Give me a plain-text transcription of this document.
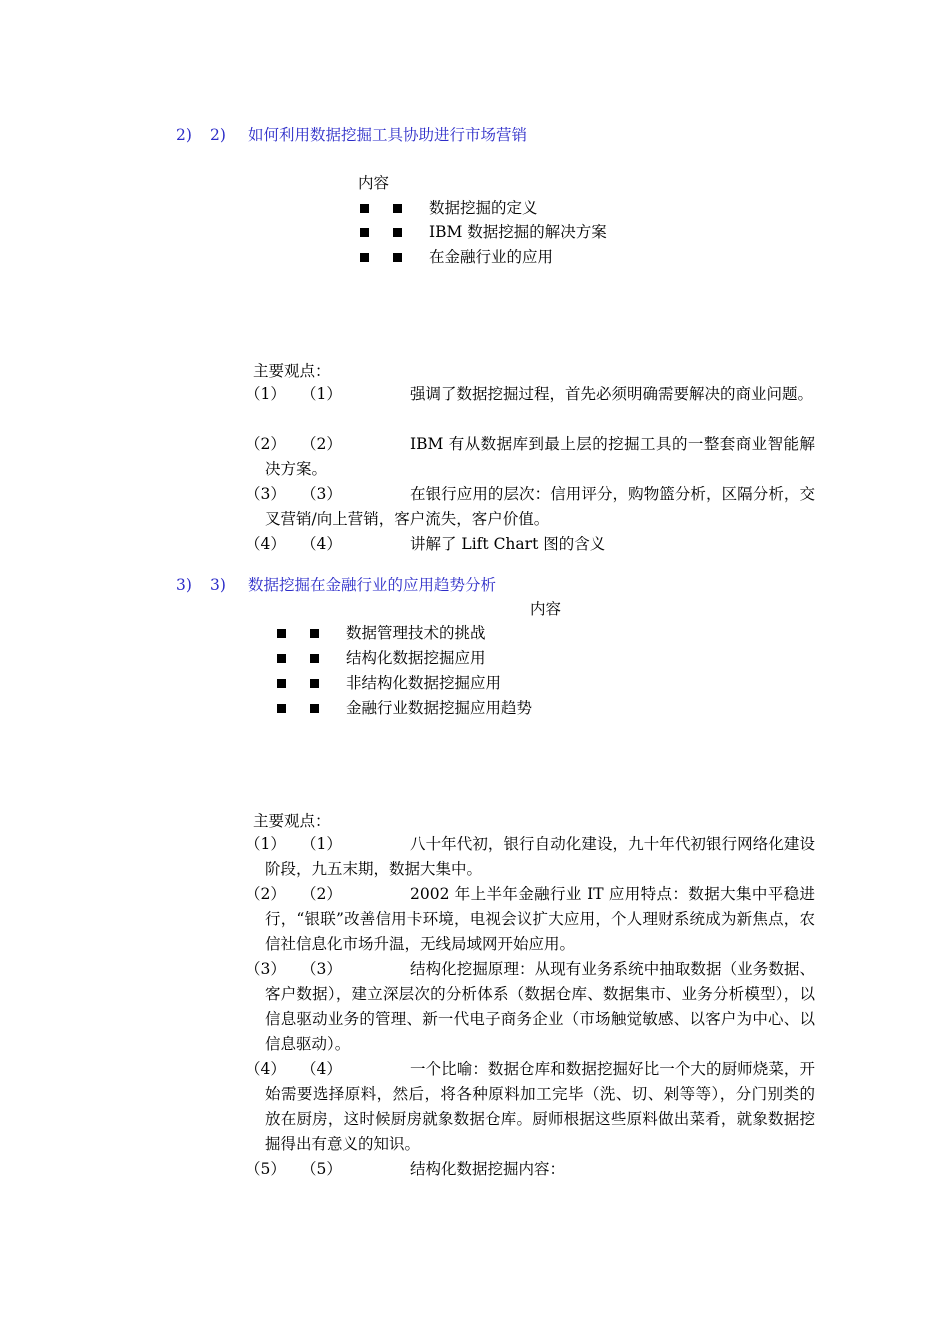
2) 2) 如何利用数据挖掘工具协助进行市场营销
内容
数据挖掘的定义
IBM 数据挖掘的解决方案
在金融行业的应用
主要观点：
（1） （1）	强调了数据挖掘过程，首先必须明确需要解决的商业问题。
（2） （2）	IBM 有从数据库到最上层的挖掘工具的一整套商业智能解决方案。
（3） （3）	在银行应用的层次：信用评分，购物篮分析，区隔分析，交叉营销/向上营销，客户流失，客户价值。
（4） （4）	讲解了 Lift Chart 图的含义
3) 3) 数据挖掘在金融行业的应用趋势分析
内容
数据管理技术的挑战
结构化数据挖掘应用
非结构化数据挖掘应用
金融行业数据挖掘应用趋势
主要观点：
（1） （1）	八十年代初，银行自动化建设，九十年代初银行网络化建设阶段，九五末期，数据大集中。
（2） （2）	2002 年上半年金融行业 IT 应用特点：数据大集中平稳进行，“银联”改善信用卡环境，电视会议扩大应用，个人理财系统成为新焦点，农信社信息化市场升温，无线局域网开始应用。
（3） （3）	结构化挖掘原理：从现有业务系统中抽取数据（业务数据、客户数据），建立深层次的分析体系（数据仓库、数据集市、业务分析模型），以信息驱动业务的管理、新一代电子商务企业（市场触觉敏感、以客户为中心、以信息驱动）。
（4） （4）	一个比喻：数据仓库和数据挖掘好比一个大的厨师烧菜，开始需要选择原料，然后，将各种原料加工完毕（洗、切、剁等等），分门别类的放在厨房，这时候厨房就象数据仓库。厨师根据这些原料做出菜肴，就象数据挖掘得出有意义的知识。
（5） （5）	结构化数据挖掘内容：
